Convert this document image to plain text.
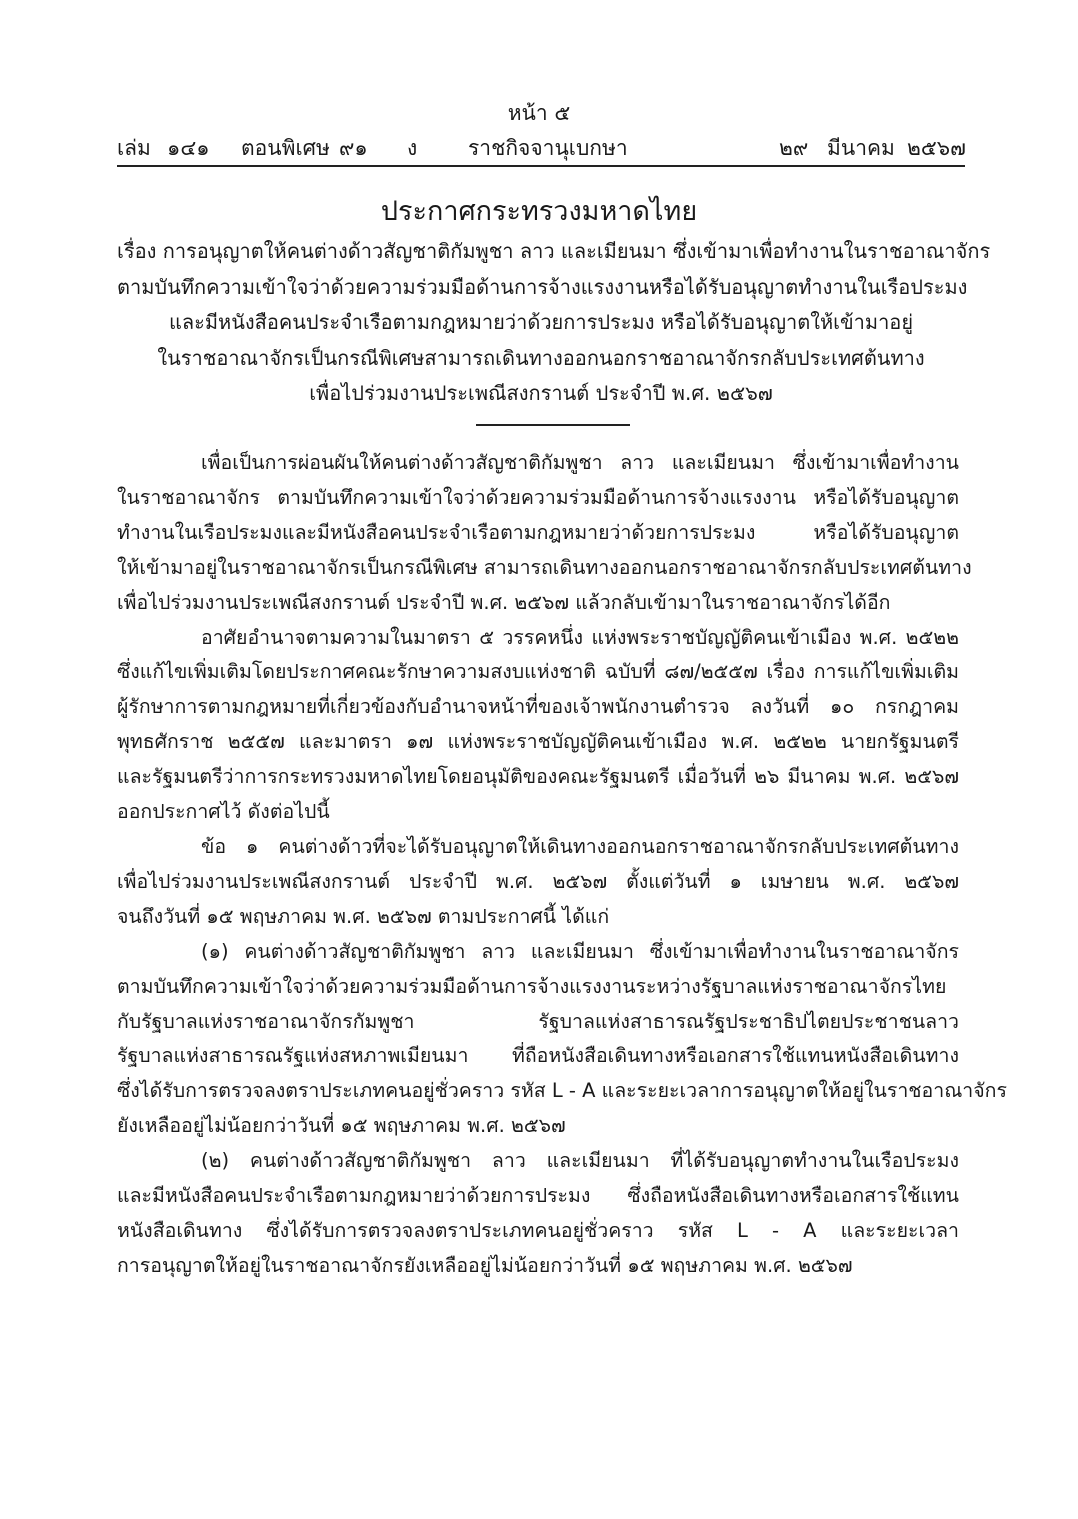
หน้า ๕
เล่ม ๑๔๑ ตอนพิเศษ ๙๑ ง ราชกิจจานุเบกษา	๒๙ มีนาคม ๒๕๖๗
ประกาศกระทรวงมหาดไทย
เรื่อง การอนุญาตให้คนต่างด้าวสัญชาติกัมพูชา ลาว และเมียนมา ซึ่งเข้ามาเพื่อทำงานในราชอาณาจักร
ตามบันทึกความเข้าใจว่าด้วยความร่วมมือด้านการจ้างแรงงานหรือได้รับอนุญาตทำงานในเรือประมง
และมีหนังสือคนประจำเรือตามกฎหมายว่าด้วยการประมง หรือได้รับอนุญาตให้เข้ามาอยู่
ในราชอาณาจักรเป็นกรณีพิเศษสามารถเดินทางออกนอกราชอาณาจักรกลับประเทศต้นทาง
เพื่อไปร่วมงานประเพณีสงกรานต์ ประจำปี พ.ศ. ๒๕๖๗
เพื่อเป็นการผ่อนผันให้คนต่างด้าวสัญชาติกัมพูชา ลาว และเมียนมา ซึ่งเข้ามาเพื่อทำงาน
ในราชอาณาจักร ตามบันทึกความเข้าใจว่าด้วยความร่วมมือด้านการจ้างแรงงาน หรือได้รับอนุญาต
ทำงานในเรือประมงและมีหนังสือคนประจำเรือตามกฎหมายว่าด้วยการประมง หรือได้รับอนุญาต
ให้เข้ามาอยู่ในราชอาณาจักรเป็นกรณีพิเศษ สามารถเดินทางออกนอกราชอาณาจักรกลับประเทศต้นทาง
เพื่อไปร่วมงานประเพณีสงกรานต์ ประจำปี พ.ศ. ๒๕๖๗ แล้วกลับเข้ามาในราชอาณาจักรได้อีก
อาศัยอำนาจตามความในมาตรา ๕ วรรคหนึ่ง แห่งพระราชบัญญัติคนเข้าเมือง พ.ศ. ๒๕๒๒
ซึ่งแก้ไขเพิ่มเติมโดยประกาศคณะรักษาความสงบแห่งชาติ ฉบับที่ ๘๗/๒๕๕๗ เรื่อง การแก้ไขเพิ่มเติม
ผู้รักษาการตามกฎหมายที่เกี่ยวข้องกับอำนาจหน้าที่ของเจ้าพนักงานตำรวจ ลงวันที่ ๑๐ กรกฎาคม
พุทธศักราช ๒๕๕๗ และมาตรา ๑๗ แห่งพระราชบัญญัติคนเข้าเมือง พ.ศ. ๒๕๒๒ นายกรัฐมนตรี
และรัฐมนตรีว่าการกระทรวงมหาดไทยโดยอนุมัติของคณะรัฐมนตรี เมื่อวันที่ ๒๖ มีนาคม พ.ศ. ๒๕๖๗
ออกประกาศไว้ ดังต่อไปนี้
ข้อ ๑ คนต่างด้าวที่จะได้รับอนุญาตให้เดินทางออกนอกราชอาณาจักรกลับประเทศต้นทาง
เพื่อไปร่วมงานประเพณีสงกรานต์ ประจำปี พ.ศ. ๒๕๖๗ ตั้งแต่วันที่ ๑ เมษายน พ.ศ. ๒๕๖๗
จนถึงวันที่ ๑๕ พฤษภาคม พ.ศ. ๒๕๖๗ ตามประกาศนี้ ได้แก่
(๑) คนต่างด้าวสัญชาติกัมพูชา ลาว และเมียนมา ซึ่งเข้ามาเพื่อทำงานในราชอาณาจักร
ตามบันทึกความเข้าใจว่าด้วยความร่วมมือด้านการจ้างแรงงานระหว่างรัฐบาลแห่งราชอาณาจักรไทย
กับรัฐบาลแห่งราชอาณาจักรกัมพูชา รัฐบาลแห่งสาธารณรัฐประชาธิปไตยประชาชนลาว
รัฐบาลแห่งสาธารณรัฐแห่งสหภาพเมียนมา ที่ถือหนังสือเดินทางหรือเอกสารใช้แทนหนังสือเดินทาง
ซึ่งได้รับการตรวจลงตราประเภทคนอยู่ชั่วคราว รหัส L - A และระยะเวลาการอนุญาตให้อยู่ในราชอาณาจักร
ยังเหลืออยู่ไม่น้อยกว่าวันที่ ๑๕ พฤษภาคม พ.ศ. ๒๕๖๗
(๒) คนต่างด้าวสัญชาติกัมพูชา ลาว และเมียนมา ที่ได้รับอนุญาตทำงานในเรือประมง
และมีหนังสือคนประจำเรือตามกฎหมายว่าด้วยการประมง ซึ่งถือหนังสือเดินทางหรือเอกสารใช้แทน
หนังสือเดินทาง ซึ่งได้รับการตรวจลงตราประเภทคนอยู่ชั่วคราว รหัส L - A และระยะเวลา
การอนุญาตให้อยู่ในราชอาณาจักรยังเหลืออยู่ไม่น้อยกว่าวันที่ ๑๕ พฤษภาคม พ.ศ. ๒๕๖๗
